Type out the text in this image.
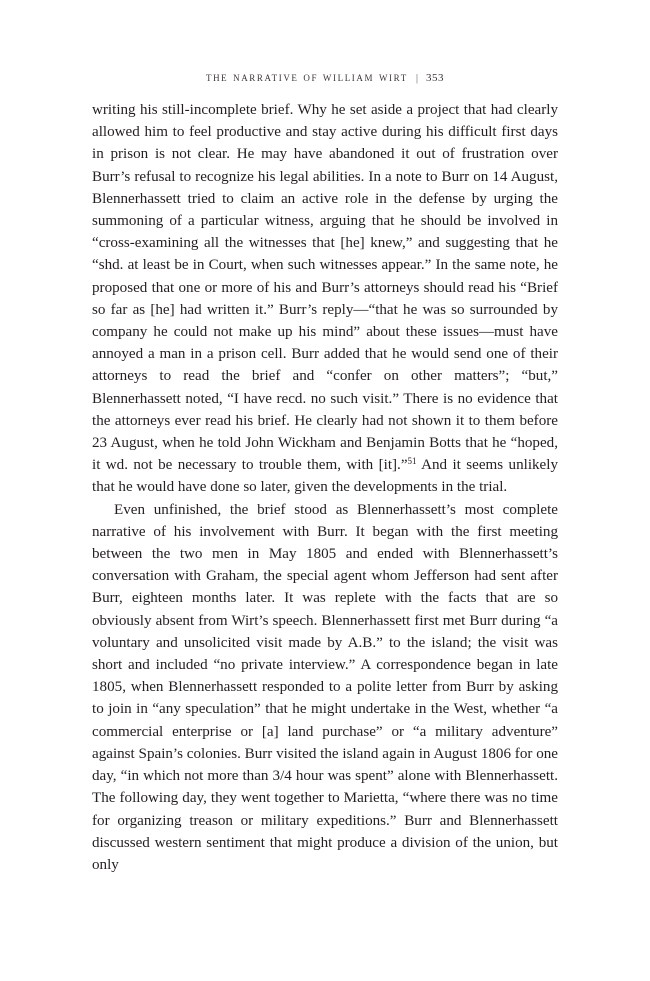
the narrative of william wirt | 353

writing his still-incomplete brief. Why he set aside a project that had clearly allowed him to feel productive and stay active during his difficult first days in prison is not clear. He may have abandoned it out of frustration over Burr’s refusal to recognize his legal abilities. In a note to Burr on 14 August, Blennerhassett tried to claim an active role in the defense by urging the summoning of a particular witness, arguing that he should be involved in “cross-examining all the witnesses that [he] knew,” and suggesting that he “shd. at least be in Court, when such witnesses appear.” In the same note, he proposed that one or more of his and Burr’s attorneys should read his “Brief so far as [he] had written it.” Burr’s reply—“that he was so surrounded by company he could not make up his mind” about these issues—must have annoyed a man in a prison cell. Burr added that he would send one of their attorneys to read the brief and “confer on other matters”; “but,” Blennerhassett noted, “I have recd. no such visit.” There is no evidence that the attorneys ever read his brief. He clearly had not shown it to them before 23 August, when he told John Wickham and Benjamin Botts that he “hoped, it wd. not be necessary to trouble them, with [it].”$^{51}$ And it seems unlikely that he would have done so later, given the developments in the trial.

Even unfinished, the brief stood as Blennerhassett’s most complete narrative of his involvement with Burr. It began with the first meeting between the two men in May 1805 and ended with Blennerhassett’s conversation with Graham, the special agent whom Jefferson had sent after Burr, eighteen months later. It was replete with the facts that are so obviously absent from Wirt’s speech. Blennerhassett first met Burr during “a voluntary and unsolicited visit made by A.B.” to the island; the visit was short and included “no private interview.” A correspondence began in late 1805, when Blennerhassett responded to a polite letter from Burr by asking to join in “any speculation” that he might undertake in the West, whether “a commercial enterprise or [a] land purchase” or “a military adventure” against Spain’s colonies. Burr visited the island again in August 1806 for one day, “in which not more than 3/4 hour was spent” alone with Blennerhassett. The following day, they went together to Marietta, “where there was no time for organizing treason or military expeditions.” Burr and Blennerhassett discussed western sentiment that might produce a division of the union, but only
